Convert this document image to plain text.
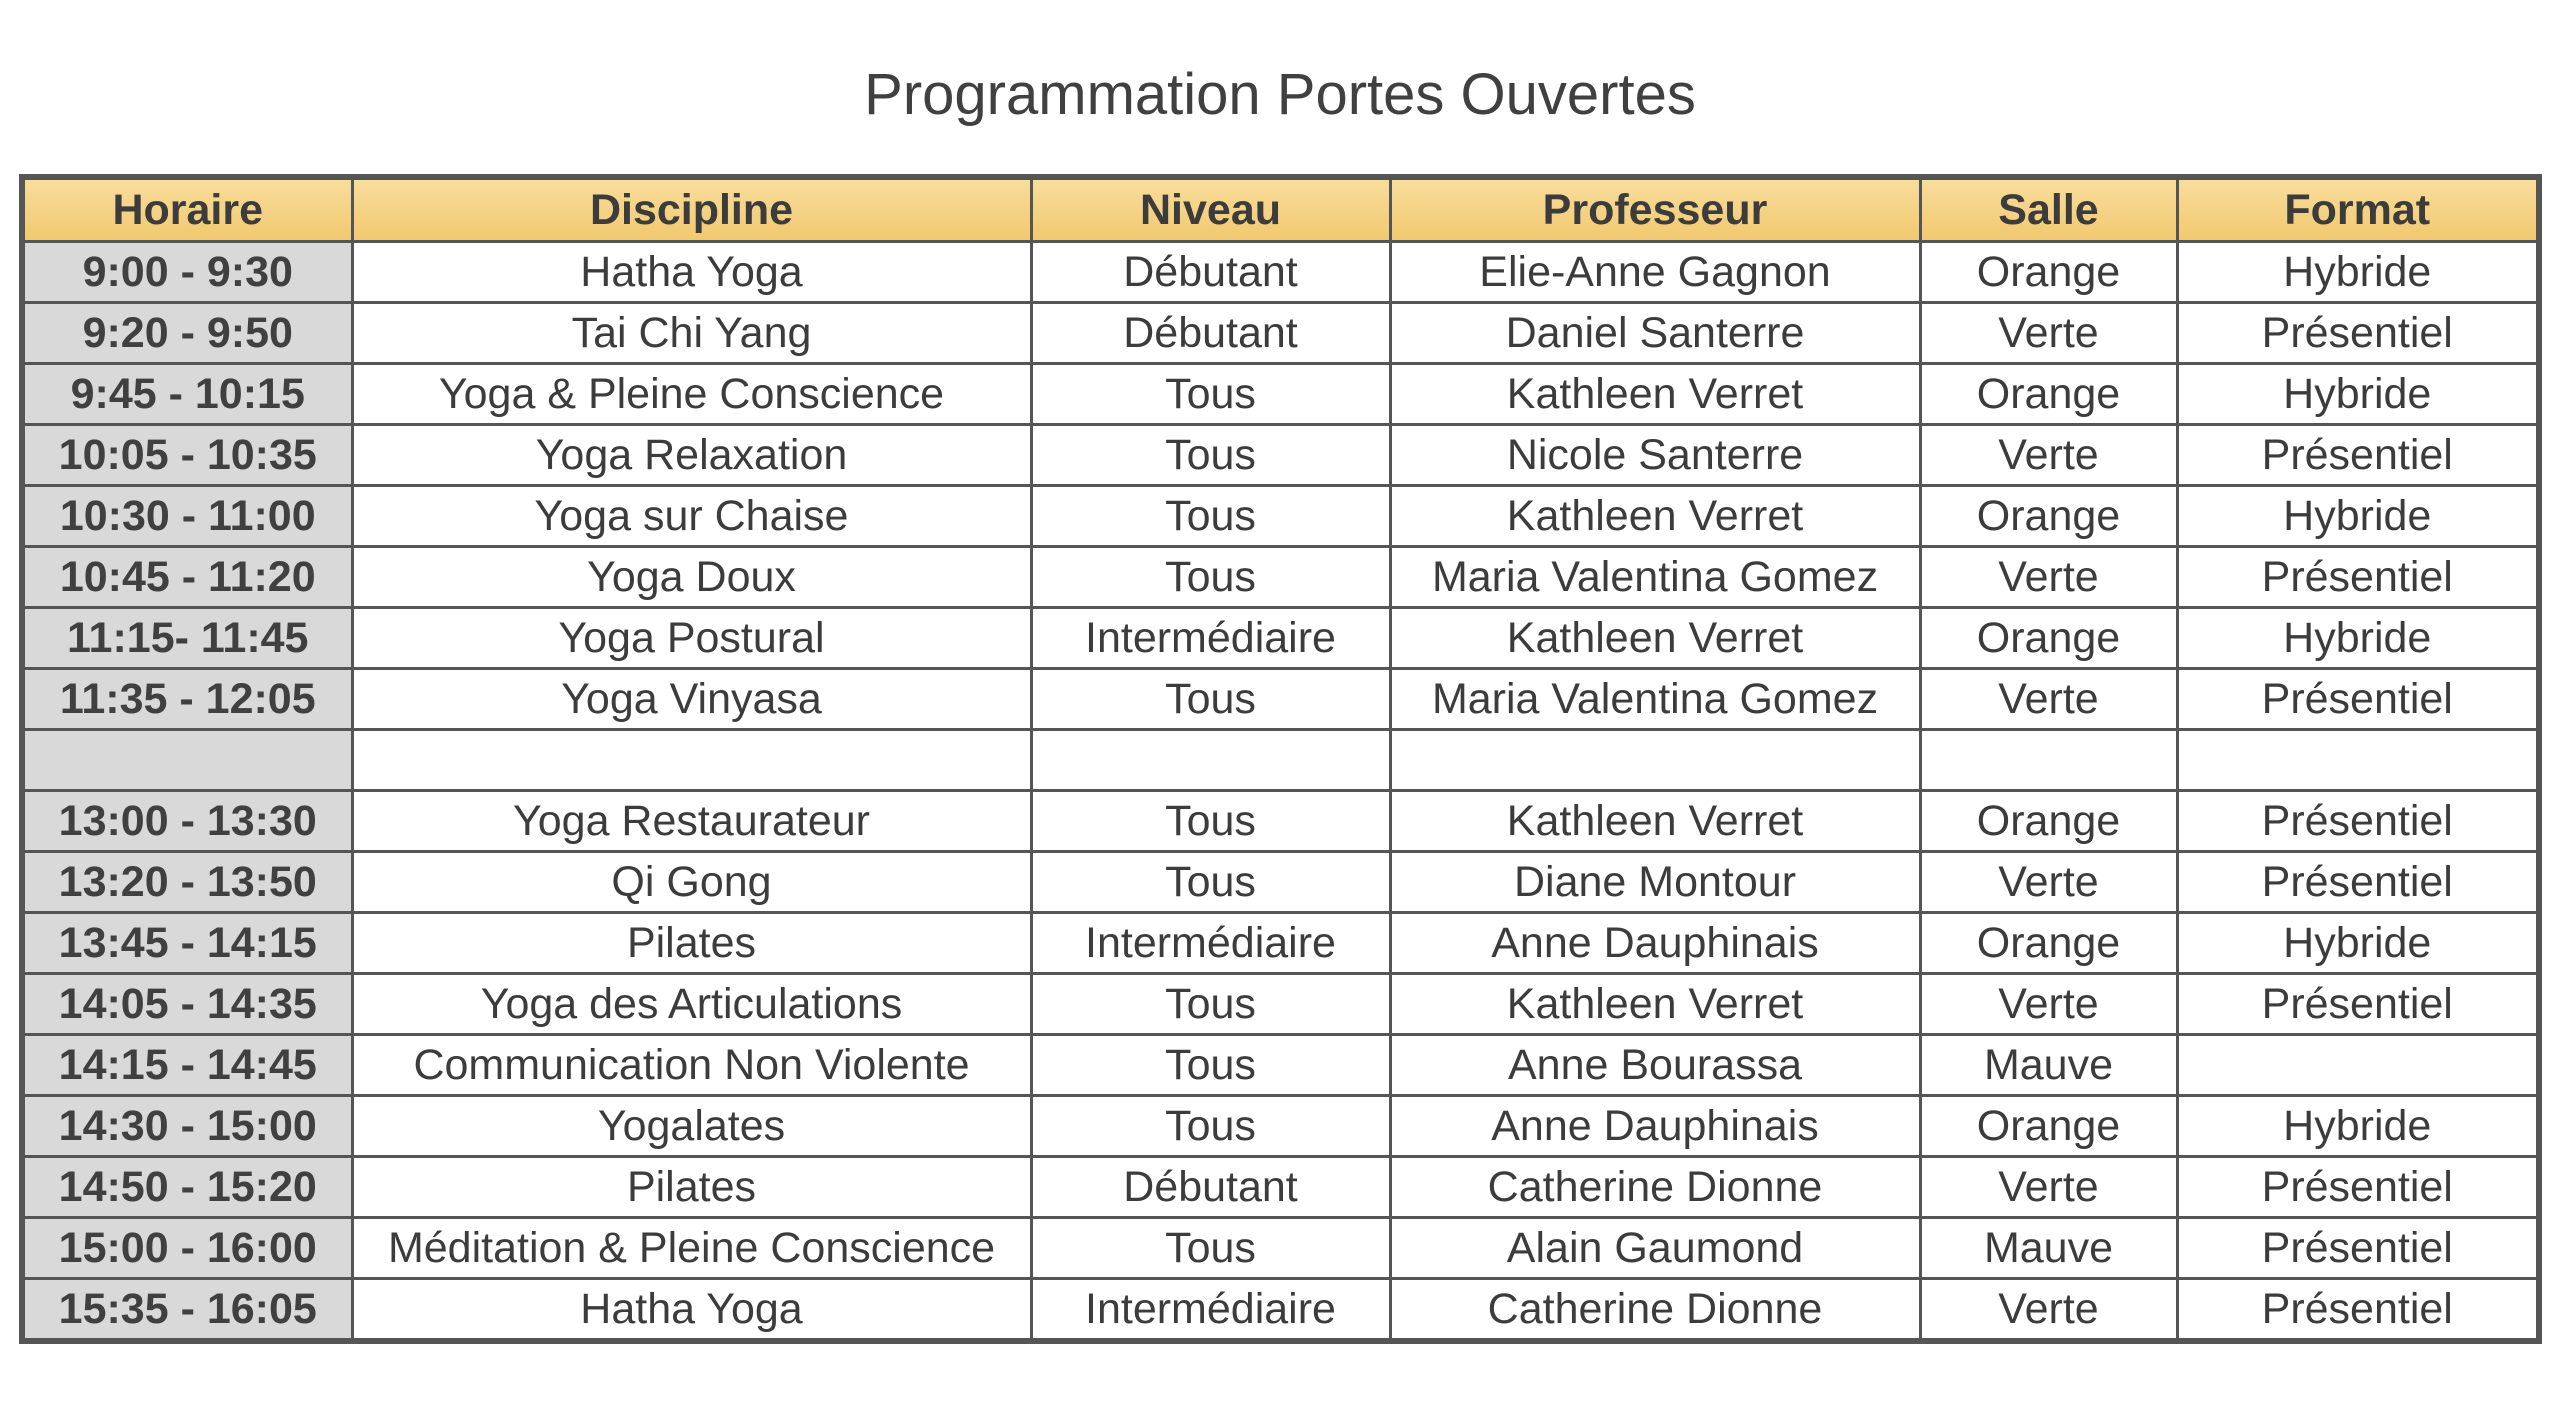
Programmation Portes Ouvertes
Horaire	Discipline	Niveau	Professeur	Salle	Format
9:00 - 9:30	Hatha Yoga	Débutant	Elie-Anne Gagnon	Orange	Hybride
9:20 - 9:50	Tai Chi Yang	Débutant	Daniel Santerre	Verte	Présentiel
9:45 - 10:15	Yoga & Pleine Conscience	Tous	Kathleen Verret	Orange	Hybride
10:05 - 10:35	Yoga Relaxation	Tous	Nicole Santerre	Verte	Présentiel
10:30 - 11:00	Yoga sur Chaise	Tous	Kathleen Verret	Orange	Hybride
10:45 - 11:20	Yoga Doux	Tous	Maria Valentina Gomez	Verte	Présentiel
11:15- 11:45	Yoga Postural	Intermédiaire	Kathleen Verret	Orange	Hybride
11:35 - 12:05	Yoga Vinyasa	Tous	Maria Valentina Gomez	Verte	Présentiel

13:00 - 13:30	Yoga Restaurateur	Tous	Kathleen Verret	Orange	Présentiel
13:20 - 13:50	Qi Gong	Tous	Diane Montour	Verte	Présentiel
13:45 - 14:15	Pilates	Intermédiaire	Anne Dauphinais	Orange	Hybride
14:05 - 14:35	Yoga des Articulations	Tous	Kathleen Verret	Verte	Présentiel
14:15 - 14:45	Communication Non Violente	Tous	Anne Bourassa	Mauve	
14:30 - 15:00	Yogalates	Tous	Anne Dauphinais	Orange	Hybride
14:50 - 15:20	Pilates	Débutant	Catherine Dionne	Verte	Présentiel
15:00 - 16:00	Méditation & Pleine Conscience	Tous	Alain Gaumond	Mauve	Présentiel
15:35 - 16:05	Hatha Yoga	Intermédiaire	Catherine Dionne	Verte	Présentiel
